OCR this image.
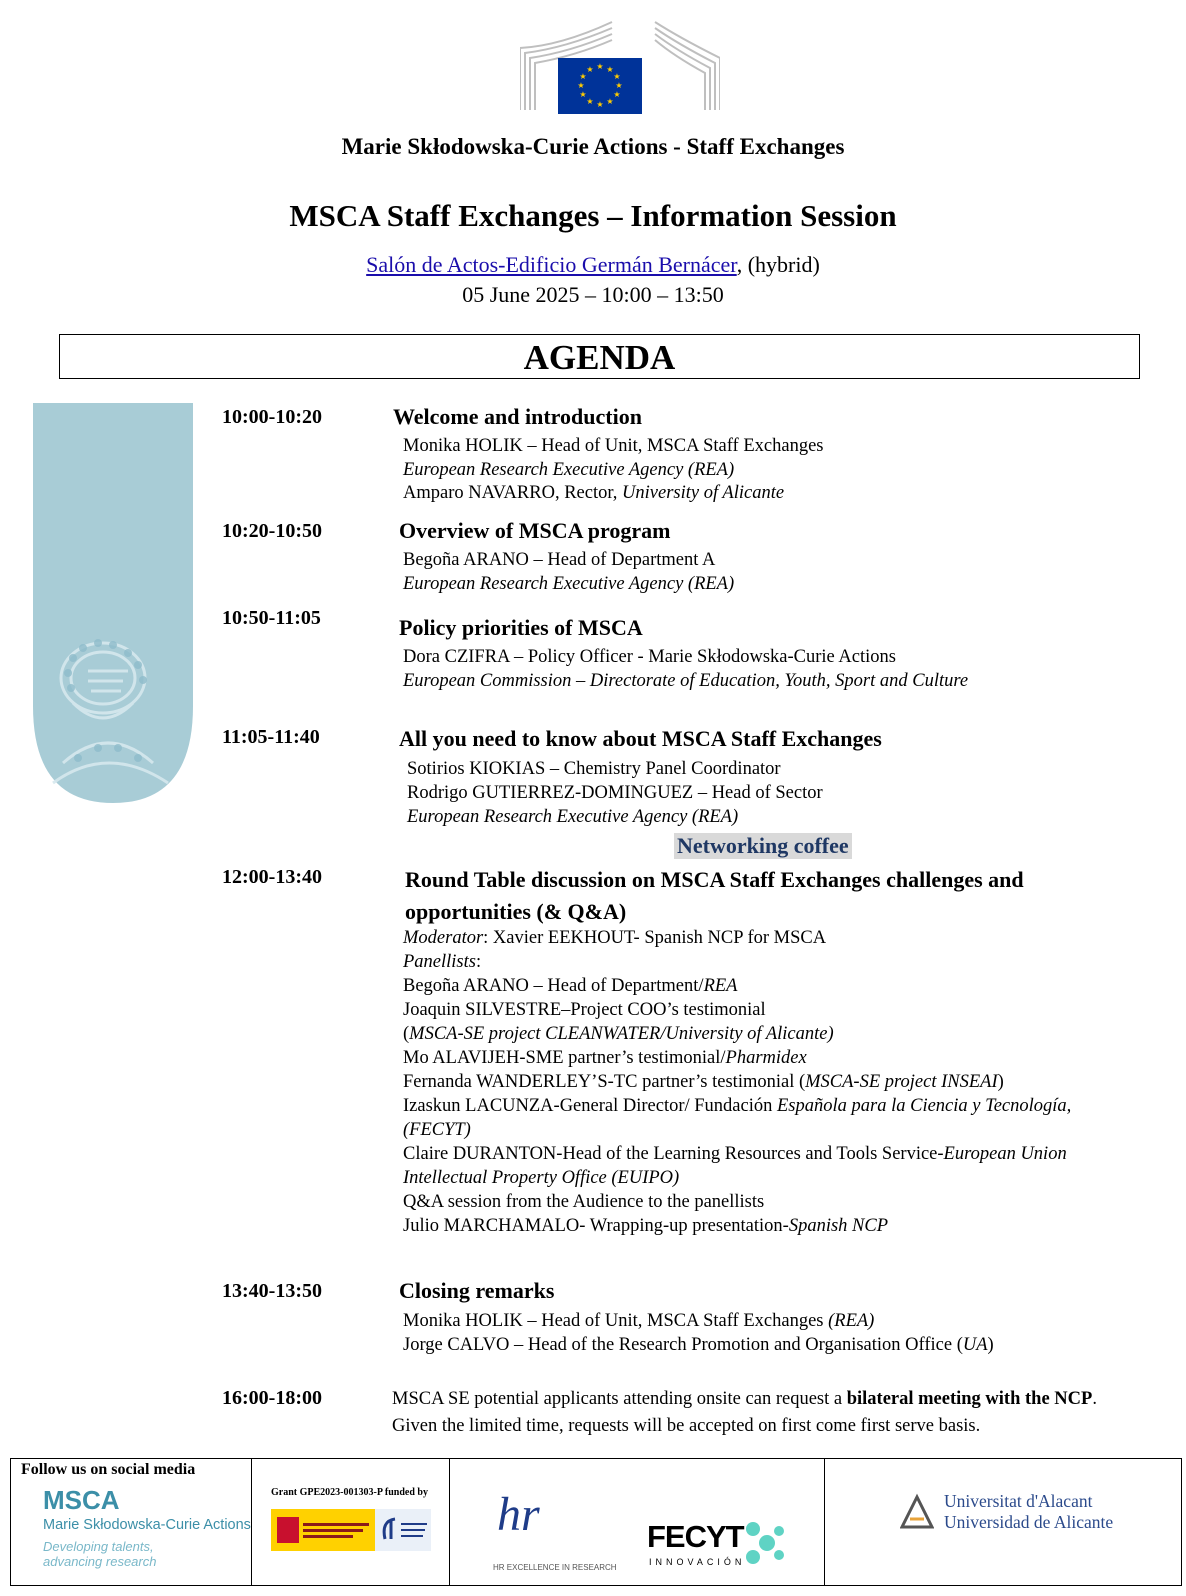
★ ★
★
★
★
★
★
★
★
★
★
★
Marie Skłodowska-Curie Actions - Staff Exchanges
MSCA Staff Exchanges – Information Session
Salón de Actos-Edificio Germán Bernácer, (hybrid)
05 June 2025 – 10:00 – 13:50
AGENDA
10:00-10:20	Welcome and introduction
Monika HOLIK – Head of Unit, MSCA Staff Exchanges
European Research Executive Agency (REA)
Amparo NAVARRO, Rector, University of Alicante
10:20-10:50	Overview of MSCA program
Begoña ARANO – Head of Department A
European Research Executive Agency (REA)
10:50-11:05	Policy priorities of MSCA
Dora CZIFRA – Policy Officer - Marie Skłodowska-Curie Actions
European Commission – Directorate of Education, Youth, Sport and Culture
11:05-11:40	All you need to know about MSCA Staff Exchanges
Sotirios KIOKIAS – Chemistry Panel Coordinator
Rodrigo GUTIERREZ-DOMINGUEZ – Head of Sector
European Research Executive Agency (REA)
Networking coffee
12:00-13:40	Round Table discussion on MSCA Staff Exchanges challenges and opportunities (& Q&A)
Moderator: Xavier EEKHOUT- Spanish NCP for MSCA
Panellists:
Begoña ARANO – Head of Department/REA
Joaquin SILVESTRE–Project COO’s testimonial
(MSCA-SE project CLEANWATER/University of Alicante)
Mo ALAVIJEH-SME partner’s testimonial/Pharmidex
Fernanda WANDERLEY’S-TC partner’s testimonial (MSCA-SE project INSEAI)
Izaskun LACUNZA-General Director/ Fundación Española para la Ciencia y Tecnología, (FECYT)
Claire DURANTON-Head of the Learning Resources and Tools Service-European Union Intellectual Property Office (EUIPO)
Q&A session from the Audience to the panellists
Julio MARCHAMALO- Wrapping-up presentation-Spanish NCP
13:40-13:50	Closing remarks
Monika HOLIK – Head of Unit, MSCA Staff Exchanges (REA)
Jorge CALVO – Head of the Research Promotion and Organisation Office (UA)
16:00-18:00	MSCA SE potential applicants attending onsite can request a bilateral meeting with the NCP. Given the limited time, requests will be accepted on first come first serve basis.
Follow us on social media
MSCA
Marie Skłodowska-Curie Actions
Developing talents,
advancing research
Grant GPE2023-001303-P funded by hr
HR EXCELLENCE IN RESEARCH
FECYT
INNOVACIÓN
Universitat d'Alacant
Universidad de Alicante
